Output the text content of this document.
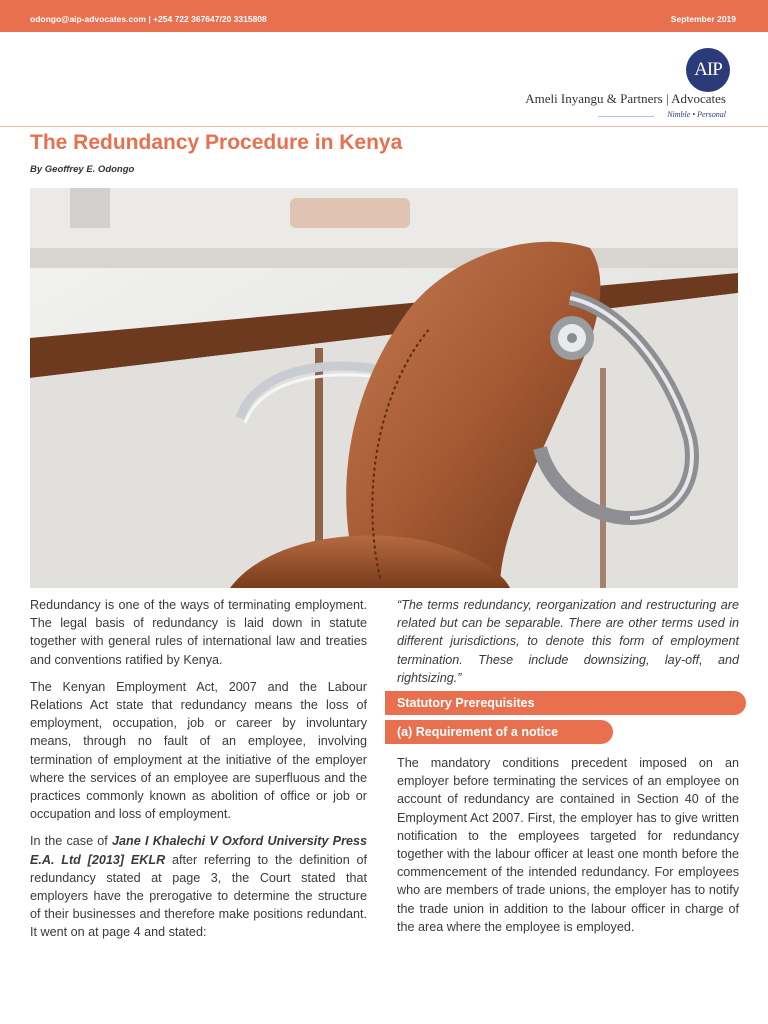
odongo@aip-advocates.com | +254 722 367647/20 3315808	September 2019
AIP
Ameli Inyangu & Partners | Advocates
Nimble • Personal
The Redundancy Procedure in Kenya
By Geoffrey E. Odongo

Redundancy is one of the ways of terminating employment. The legal basis of redundancy is laid down in statute together with general rules of international law and treaties and conventions ratified by Kenya.

The Kenyan Employment Act, 2007 and the Labour Relations Act state that redundancy means the loss of employment, occupation, job or career by involuntary means, through no fault of an employee, involving termination of employment at the initiative of the employer where the services of an employee are superfluous and the practices commonly known as abolition of office or job or occupation and loss of employment.

In the case of Jane I Khalechi V Oxford University Press E.A. Ltd [2013] EKLR after referring to the definition of redundancy stated at page 3, the Court stated that employers have the prerogative to determine the structure of their businesses and therefore make positions redundant. It went on at page 4 and stated:

“The terms redundancy, reorganization and restructuring are related but can be separable. There are other terms used in different jurisdictions, to denote this form of employment termination. These include downsizing, lay-off, and rightsizing.”

Statutory Prerequisites
(a) Requirement of a notice

The mandatory conditions precedent imposed on an employer before terminating the services of an employee on account of redundancy are contained in Section 40 of the Employment Act 2007. First, the employer has to give written notification to the employees targeted for redundancy together with the labour officer at least one month before the commencement of the intended redundancy. For employees who are members of trade unions, the employer has to notify the trade union in addition to the labour officer in charge of the area where the employee is employed.
